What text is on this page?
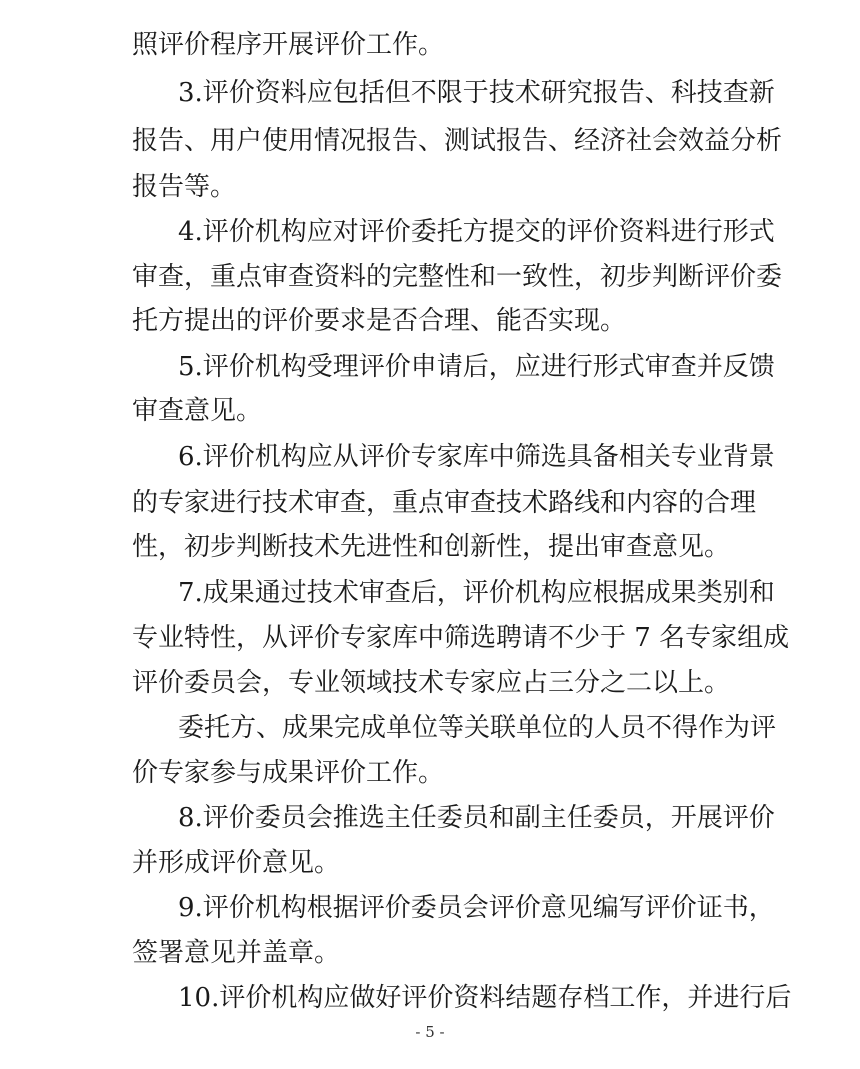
照评价程序开展评价工作。
3.评价资料应包括但不限于技术研究报告、科技查新
报告、用户使用情况报告、测试报告、经济社会效益分析
报告等。
4.评价机构应对评价委托方提交的评价资料进行形式
审查，重点审查资料的完整性和一致性，初步判断评价委
托方提出的评价要求是否合理、能否实现。
5.评价机构受理评价申请后，应进行形式审查并反馈
审查意见。
6.评价机构应从评价专家库中筛选具备相关专业背景
的专家进行技术审查，重点审查技术路线和内容的合理
性，初步判断技术先进性和创新性，提出审查意见。
7.成果通过技术审查后，评价机构应根据成果类别和
专业特性，从评价专家库中筛选聘请不少于 7 名专家组成
评价委员会，专业领域技术专家应占三分之二以上。
委托方、成果完成单位等关联单位的人员不得作为评
价专家参与成果评价工作。
8.评价委员会推选主任委员和副主任委员，开展评价
并形成评价意见。
9.评价机构根据评价委员会评价意见编写评价证书，
签署意见并盖章。
10.评价机构应做好评价资料结题存档工作，并进行后
- 5 -
